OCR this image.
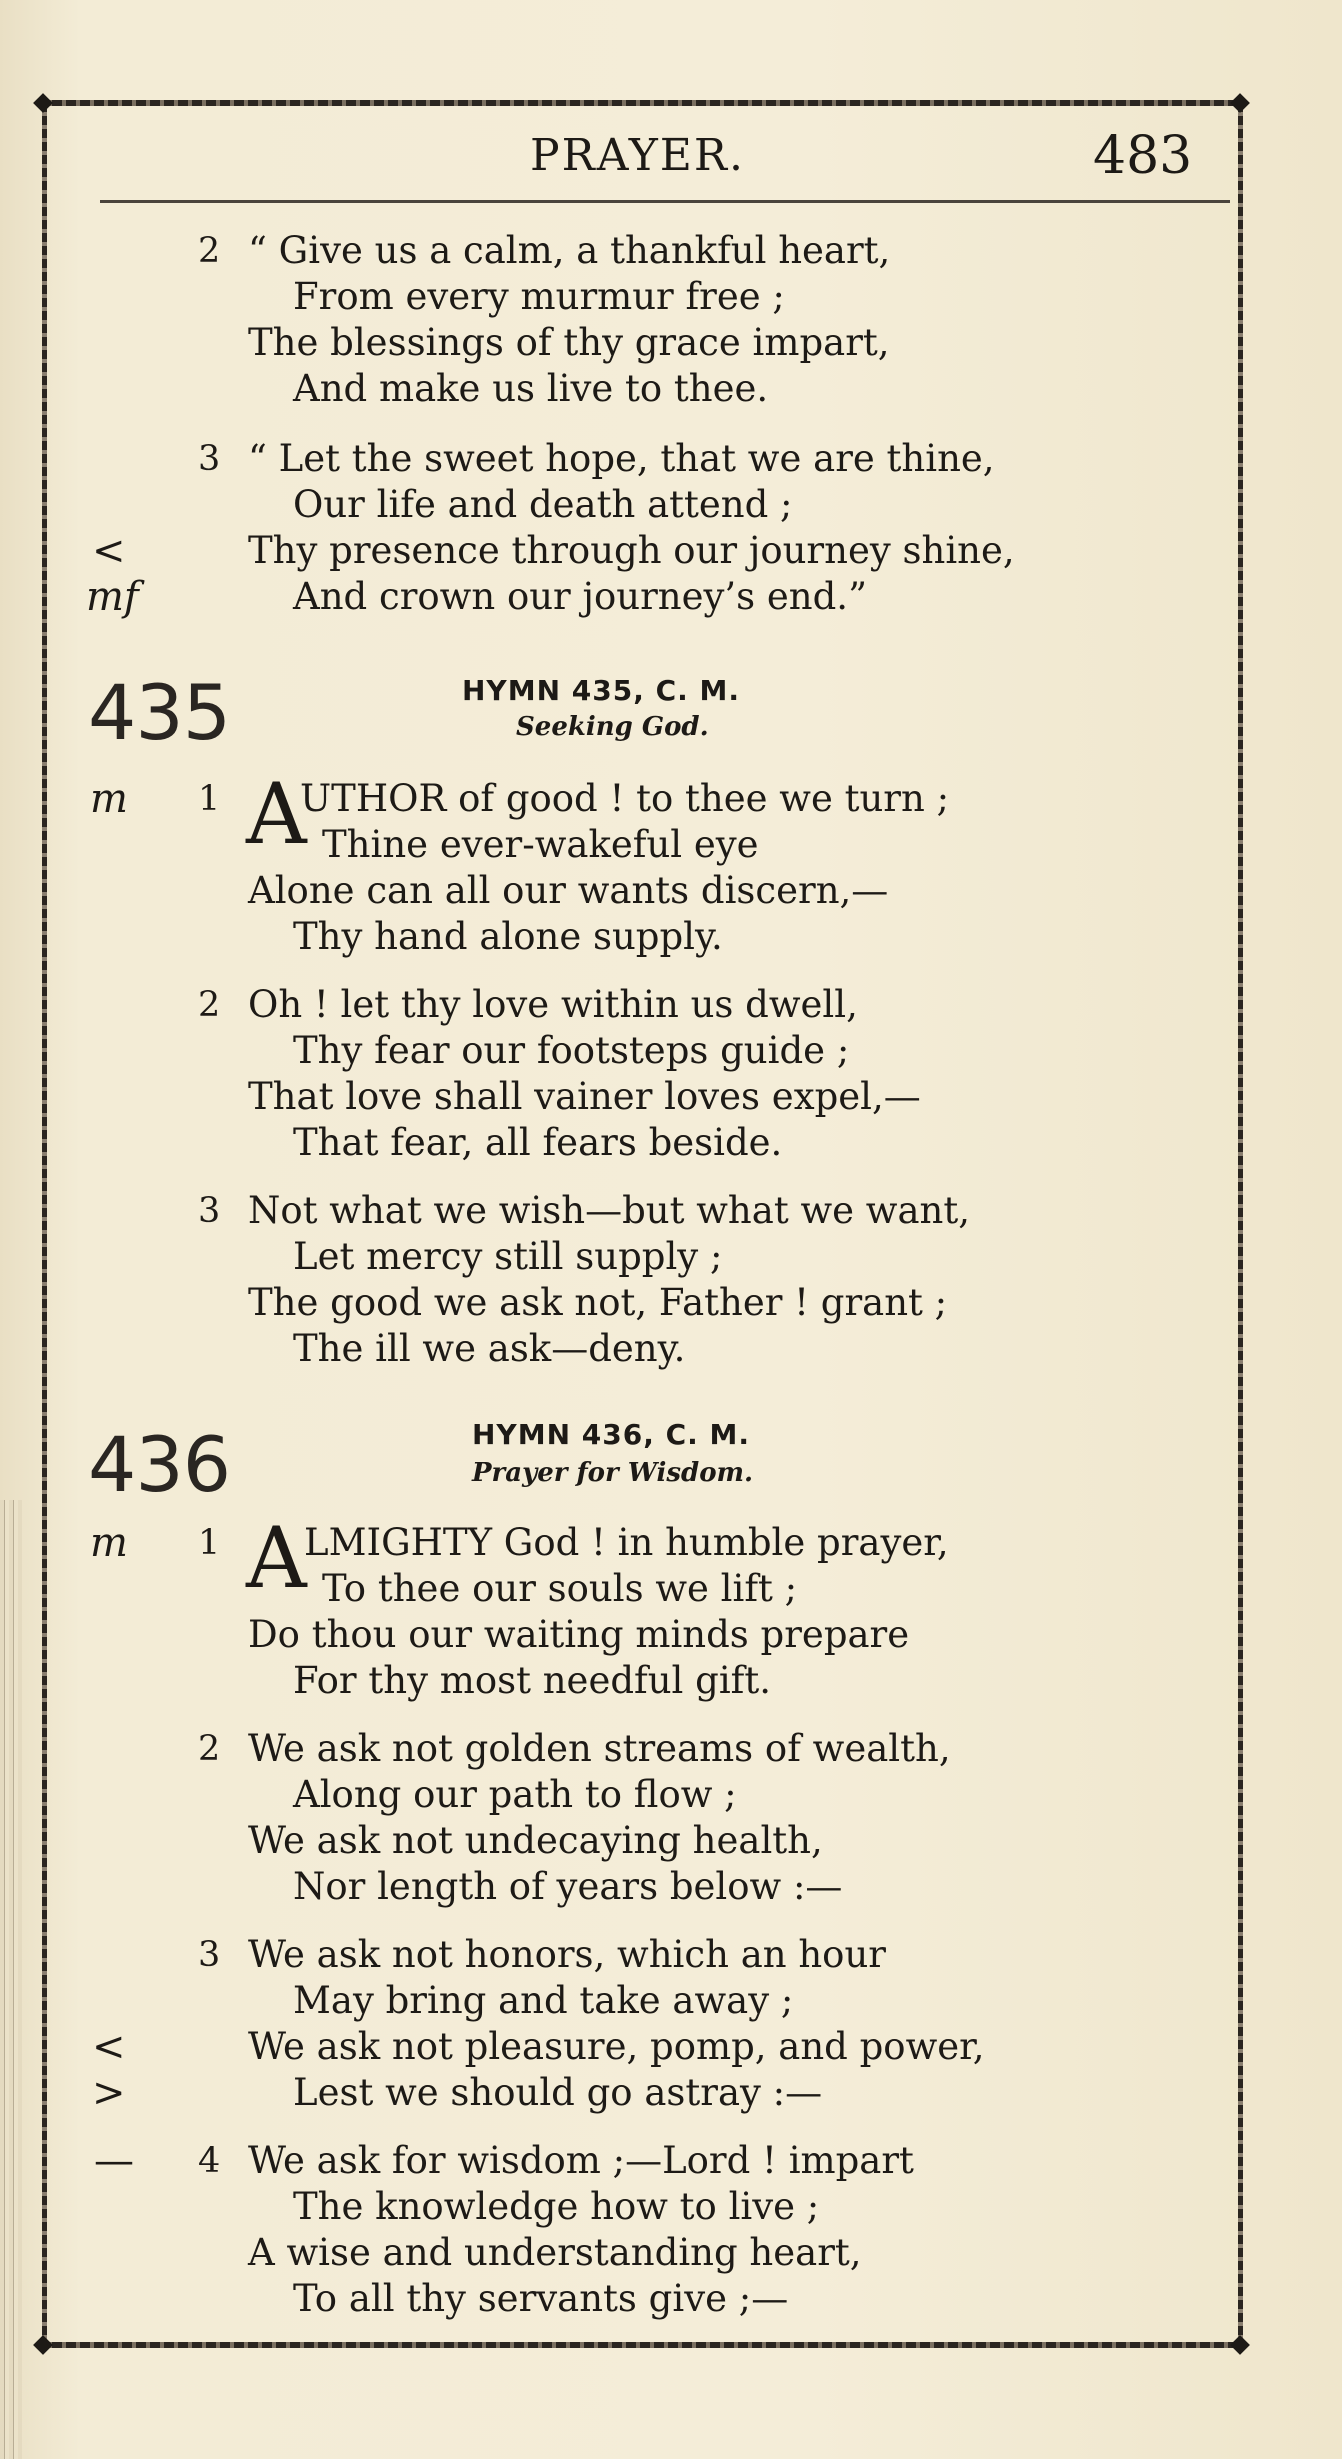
PRAYER.	483
2 “ Give us a calm, a thankful heart,
From every murmur free ;
The blessings of thy grace impart,
And make us live to thee.
3 “ Let the sweet hope, that we are thine,
Our life and death attend ;
<	Thy presence through our journey shine,
mf	And crown our journey’s end.”
435	HYMN 435, C. M.
Seeking God.
m 1 A
UTHOR of good ! to thee we turn ;
Thine ever-wakeful eye
Alone can all our wants discern,—
Thy hand alone supply.
2 Oh ! let thy love within us dwell,
Thy fear our footsteps guide ;
That love shall vainer loves expel,—
That fear, all fears beside.
3 Not what we wish—but what we want,
Let mercy still supply ;
The good we ask not, Father ! grant ;
The ill we ask—deny.
436	HYMN 436, C. M.
Prayer for Wisdom.
m 1 A
LMIGHTY God ! in humble prayer,
To thee our souls we lift ;
Do thou our waiting minds prepare
For thy most needful gift.
2 We ask not golden streams of wealth,
Along our path to flow ;
We ask not undecaying health,
Nor length of years below :—
3 We ask not honors, which an hour
May bring and take away ;
<	We ask not pleasure, pomp, and power,
>	Lest we should go astray :—
— 4 We ask for wisdom ;—Lord ! impart
The knowledge how to live ;
A wise and understanding heart,
To all thy servants give ;—
